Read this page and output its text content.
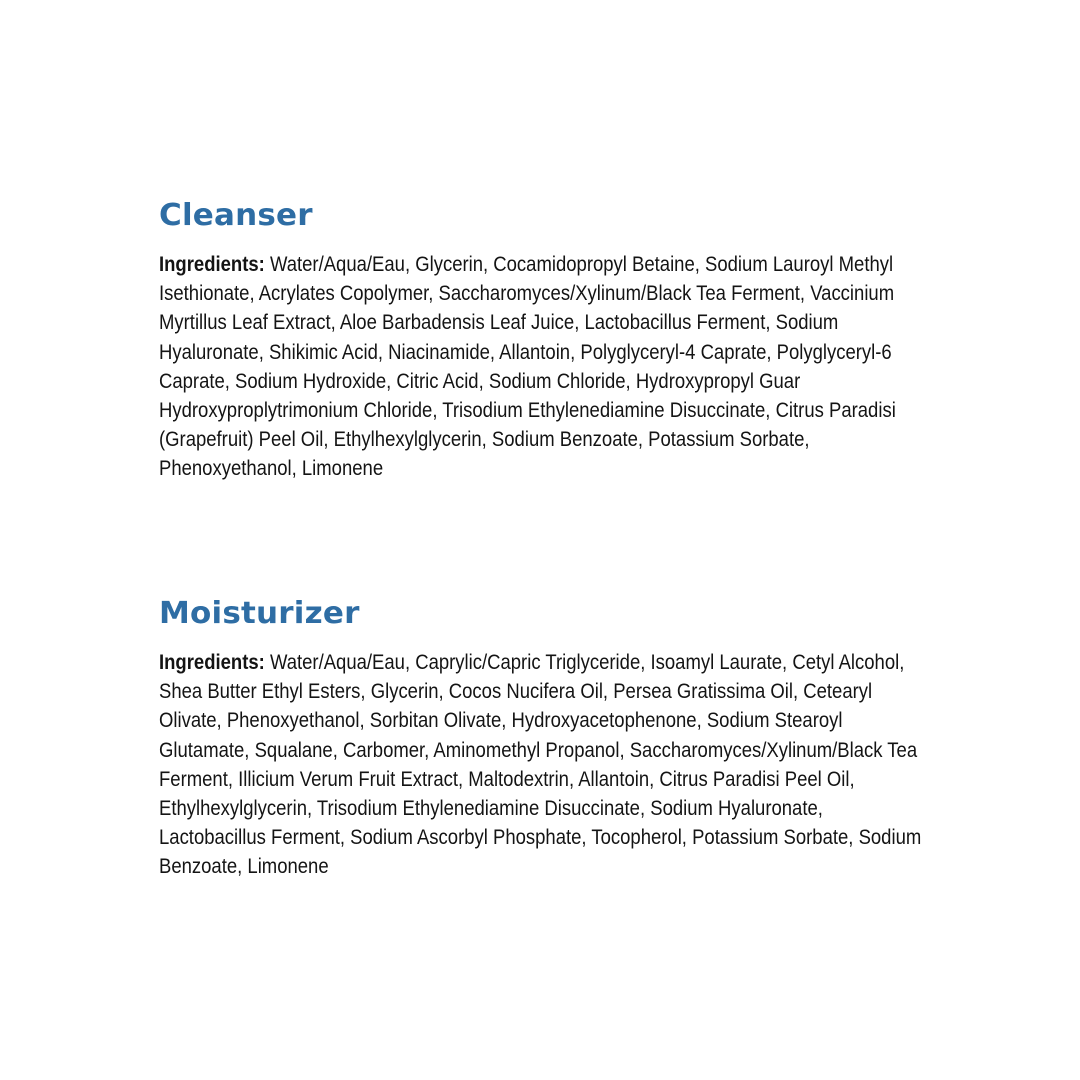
Cleanser

Ingredients: Water/Aqua/Eau, Glycerin, Cocamidopropyl Betaine, Sodium Lauroyl Methyl Isethionate, Acrylates Copolymer, Saccharomyces/Xylinum/Black Tea Ferment, Vaccinium Myrtillus Leaf Extract, Aloe Barbadensis Leaf Juice, Lactobacillus Ferment, Sodium Hyaluronate, Shikimic Acid, Niacinamide, Allantoin, Polyglyceryl-4 Caprate, Polyglyceryl-6 Caprate, Sodium Hydroxide, Citric Acid, Sodium Chloride, Hydroxypropyl Guar Hydroxyproplytrimonium Chloride, Trisodium Ethylenediamine Disuccinate, Citrus Paradisi (Grapefruit) Peel Oil, Ethylhexylglycerin, Sodium Benzoate, Potassium Sorbate, Phenoxyethanol, Limonene

Moisturizer

Ingredients: Water/Aqua/Eau, Caprylic/Capric Triglyceride, Isoamyl Laurate, Cetyl Alcohol, Shea Butter Ethyl Esters, Glycerin, Cocos Nucifera Oil, Persea Gratissima Oil, Cetearyl Olivate, Phenoxyethanol, Sorbitan Olivate, Hydroxyacetophenone, Sodium Stearoyl Glutamate, Squalane, Carbomer, Aminomethyl Propanol, Saccharomyces/Xylinum/Black Tea Ferment, Illicium Verum Fruit Extract, Maltodextrin, Allantoin, Citrus Paradisi Peel Oil, Ethylhexylglycerin, Trisodium Ethylenediamine Disuccinate, Sodium Hyaluronate, Lactobacillus Ferment, Sodium Ascorbyl Phosphate, Tocopherol, Potassium Sorbate, Sodium Benzoate, Limonene
